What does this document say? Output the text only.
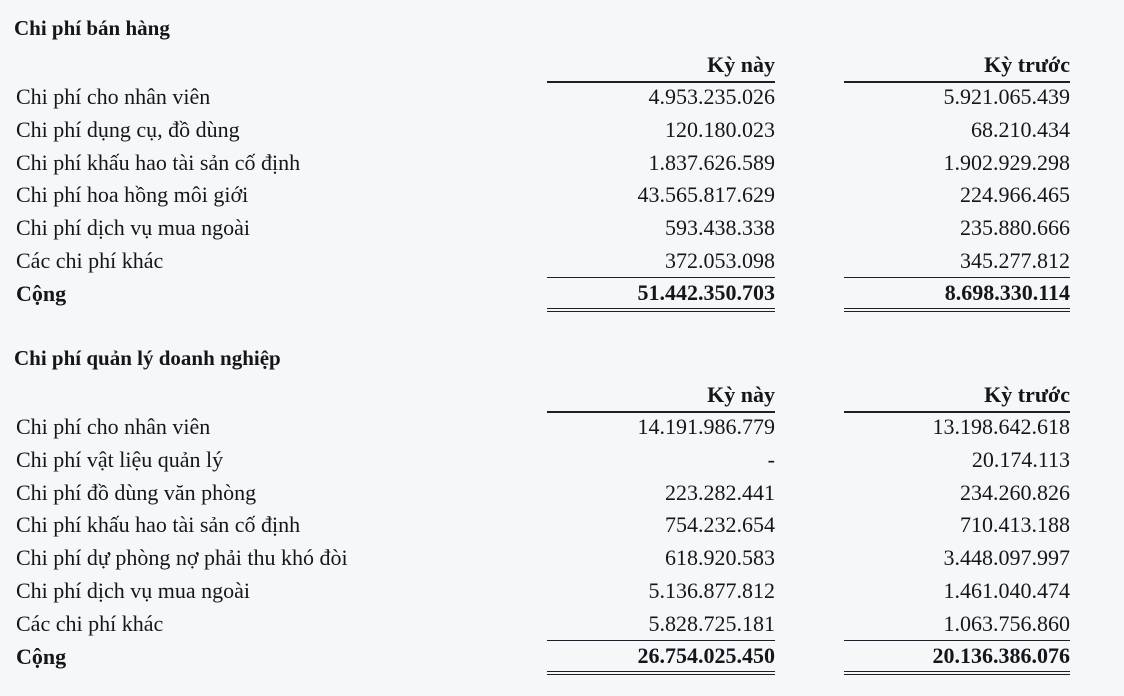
Chi phí bán hàng
Kỳ này	Kỳ trước
Chi phí cho nhân viên	4.953.235.026	5.921.065.439
Chi phí dụng cụ, đồ dùng	120.180.023	68.210.434
Chi phí khấu hao tài sản cố định	1.837.626.589	1.902.929.298
Chi phí hoa hồng môi giới	43.565.817.629	224.966.465
Chi phí dịch vụ mua ngoài	593.438.338	235.880.666
Các chi phí khác	372.053.098	345.277.812
Cộng	51.442.350.703	8.698.330.114
Chi phí quản lý doanh nghiệp
Kỳ này	Kỳ trước
Chi phí cho nhân viên	14.191.986.779	13.198.642.618
Chi phí vật liệu quản lý	-	20.174.113
Chi phí đồ dùng văn phòng	223.282.441	234.260.826
Chi phí khấu hao tài sản cố định	754.232.654	710.413.188
Chi phí dự phòng nợ phải thu khó đòi	618.920.583	3.448.097.997
Chi phí dịch vụ mua ngoài	5.136.877.812	1.461.040.474
Các chi phí khác	5.828.725.181	1.063.756.860
Cộng	26.754.025.450	20.136.386.076
